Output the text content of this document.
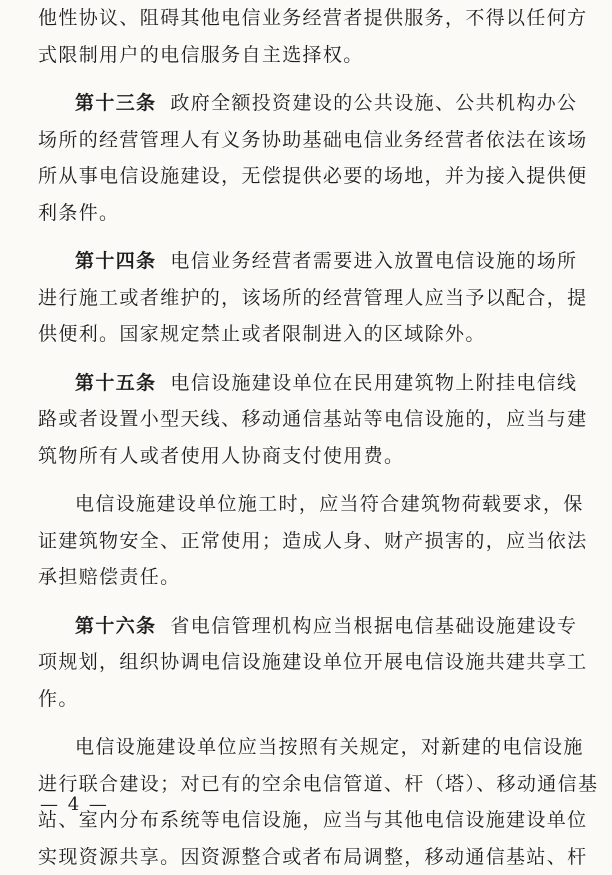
他性协议、阻碍其他电信业务经营者提供服务，不得以任何方
式限制用户的电信服务自主选择权。
第十三条 政府全额投资建设的公共设施、公共机构办公
场所的经营管理人有义务协助基础电信业务经营者依法在该场
所从事电信设施建设，无偿提供必要的场地，并为接入提供便
利条件。
第十四条 电信业务经营者需要进入放置电信设施的场所
进行施工或者维护的，该场所的经营管理人应当予以配合，提
供便利。国家规定禁止或者限制进入的区域除外。
第十五条 电信设施建设单位在民用建筑物上附挂电信线
路或者设置小型天线、移动通信基站等电信设施的，应当与建
筑物所有人或者使用人协商支付使用费。
电信设施建设单位施工时，应当符合建筑物荷载要求，保
证建筑物安全、正常使用；造成人身、财产损害的，应当依法
承担赔偿责任。
第十六条 省电信管理机构应当根据电信基础设施建设专
项规划，组织协调电信设施建设单位开展电信设施共建共享工
作。
电信设施建设单位应当按照有关规定，对新建的电信设施
进行联合建设；对已有的空余电信管道、杆（塔）、移动通信基
站、室内分布系统等电信设施，应当与其他电信设施建设单位
实现资源共享。因资源整合或者布局调整，移动通信基站、杆
— 4 —
